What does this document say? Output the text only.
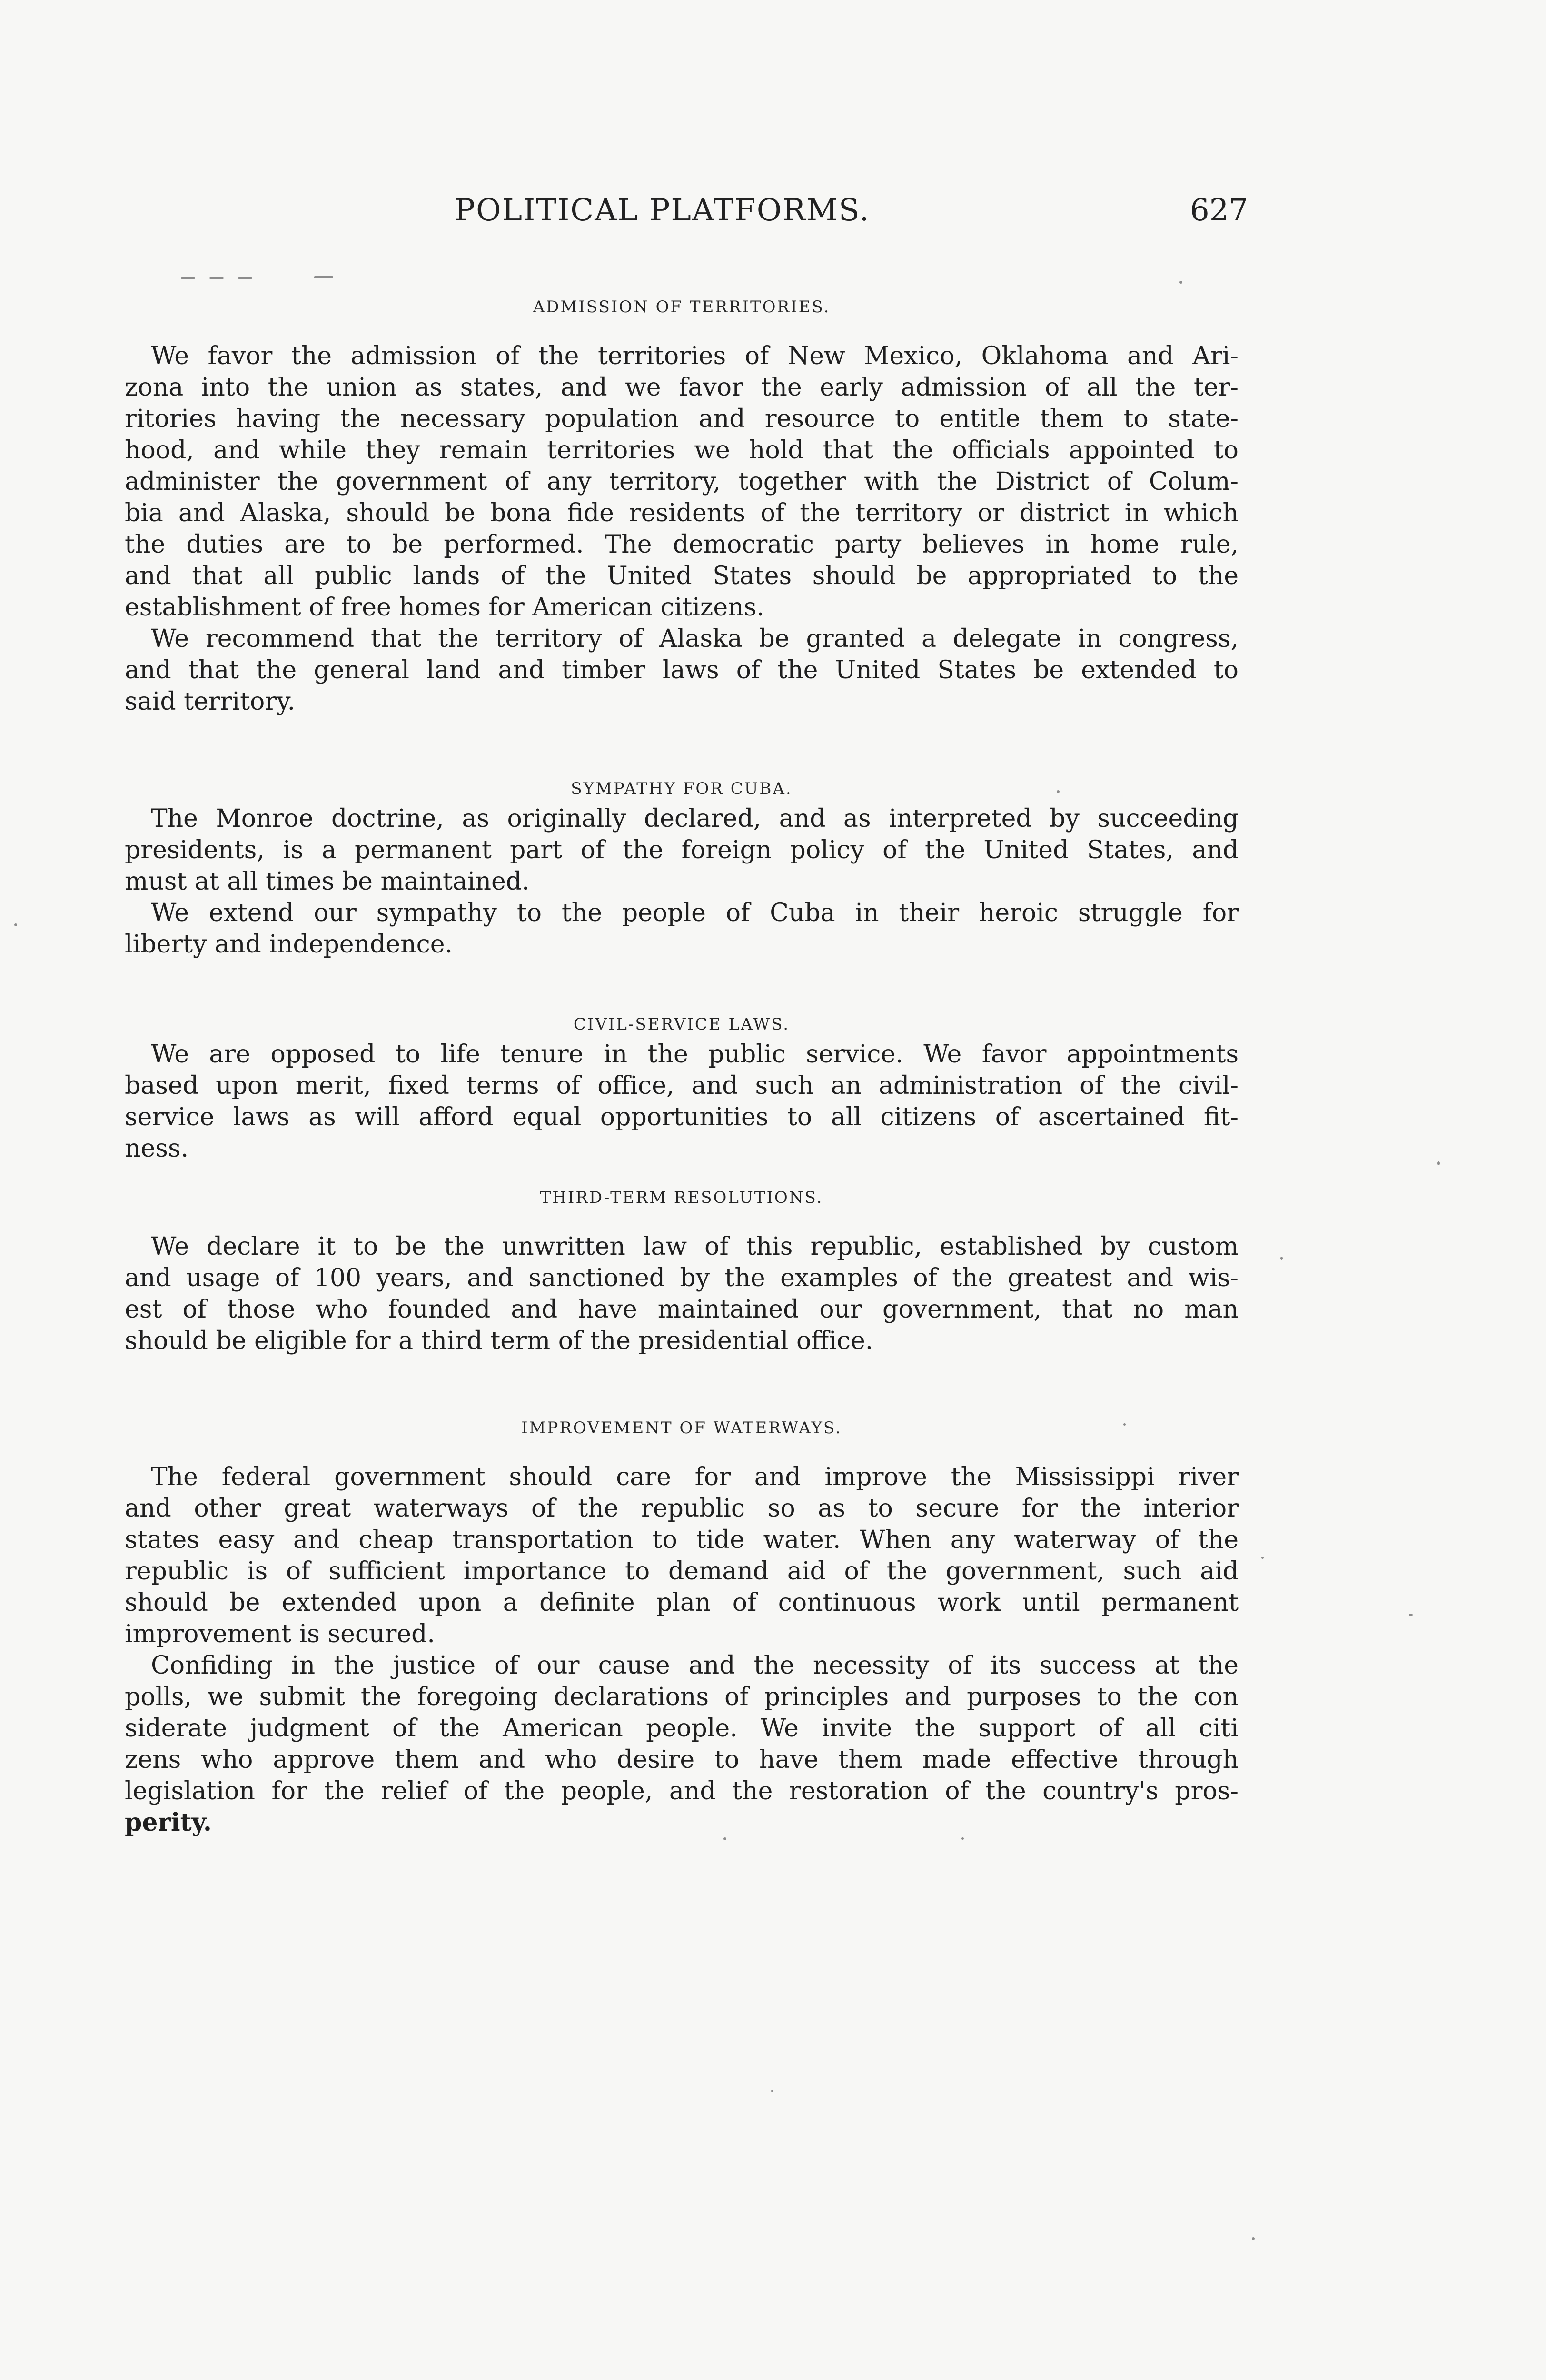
POLITICAL PLATFORMS.	627
ADMISSION OF TERRITORIES.
We favor the admission of the territories of New Mexico, Oklahoma and Ari-
zona into the union as states, and we favor the early admission of all the ter-
ritories having the necessary population and resource to entitle them to state-
hood, and while they remain territories we hold that the officials appointed to
administer the government of any territory, together with the District of Colum-
bia and Alaska, should be bona fide residents of the territory or district in which
the duties are to be performed. The democratic party believes in home rule,
and that all public lands of the United States should be appropriated to the
establishment of free homes for American citizens.
We recommend that the territory of Alaska be granted a delegate in congress,
and that the general land and timber laws of the United States be extended to
said territory.
SYMPATHY FOR CUBA.
The Monroe doctrine, as originally declared, and as interpreted by succeeding
presidents, is a permanent part of the foreign policy of the United States, and
must at all times be maintained.
We extend our sympathy to the people of Cuba in their heroic struggle for
liberty and independence.
CIVIL-SERVICE LAWS.
We are opposed to life tenure in the public service. We favor appointments
based upon merit, fixed terms of office, and such an administration of the civil-
service laws as will afford equal opportunities to all citizens of ascertained fit-
ness.
THIRD-TERM RESOLUTIONS.
We declare it to be the unwritten law of this republic, established by custom
and usage of 100 years, and sanctioned by the examples of the greatest and wis-
est of those who founded and have maintained our government, that no man
should be eligible for a third term of the presidential office.
IMPROVEMENT OF WATERWAYS.
The federal government should care for and improve the Mississippi river
and other great waterways of the republic so as to secure for the interior
states easy and cheap transportation to tide water. When any waterway of the
republic is of sufficient importance to demand aid of the government, such aid
should be extended upon a definite plan of continuous work until permanent
improvement is secured.
Confiding in the justice of our cause and the necessity of its success at the
polls, we submit the foregoing declarations of principles and purposes to the con
siderate judgment of the American people. We invite the support of all citi
zens who approve them and who desire to have them made effective through
legislation for the relief of the people, and the restoration of the country's pros-
perity.
